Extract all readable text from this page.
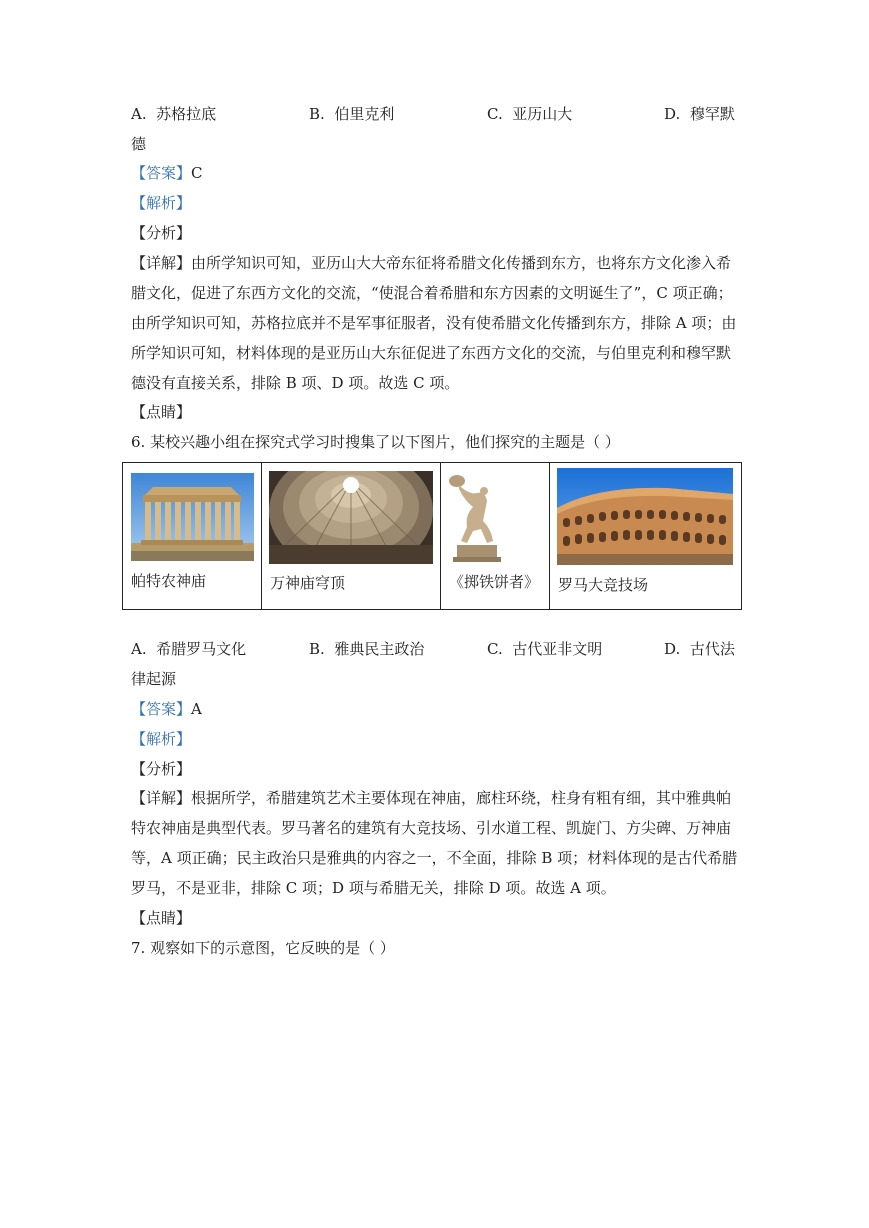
A. 苏格拉底	B. 伯里克利	C. 亚历山大	D. 穆罕默
德
【答案】C
【解析】
【分析】
【详解】由所学知识可知，亚历山大大帝东征将希腊文化传播到东方，也将东方文化渗入希
腊文化，促进了东西方文化的交流，“使混合着希腊和东方因素的文明诞生了”，C 项正确；
由所学知识可知，苏格拉底并不是军事征服者，没有使希腊文化传播到东方，排除 A 项；由
所学知识可知，材料体现的是亚历山大东征促进了东西方文化的交流，与伯里克利和穆罕默
德没有直接关系，排除 B 项、D 项。故选 C 项。
【点睛】
6. 某校兴趣小组在探究式学习时搜集了以下图片，他们探究的主题是（ ）
帕特农神庙	万神庙穹顶	《掷铁饼者》	罗马大竞技场
A. 希腊罗马文化	B. 雅典民主政治	C. 古代亚非文明	D. 古代法
律起源
【答案】A
【解析】
【分析】
【详解】根据所学，希腊建筑艺术主要体现在神庙，廊柱环绕，柱身有粗有细，其中雅典帕
特农神庙是典型代表。罗马著名的建筑有大竞技场、引水道工程、凯旋门、方尖碑、万神庙
等，A 项正确；民主政治只是雅典的内容之一，不全面，排除 B 项；材料体现的是古代希腊
罗马，不是亚非，排除 C 项；D 项与希腊无关，排除 D 项。故选 A 项。
【点睛】
7. 观察如下的示意图，它反映的是（ ）
